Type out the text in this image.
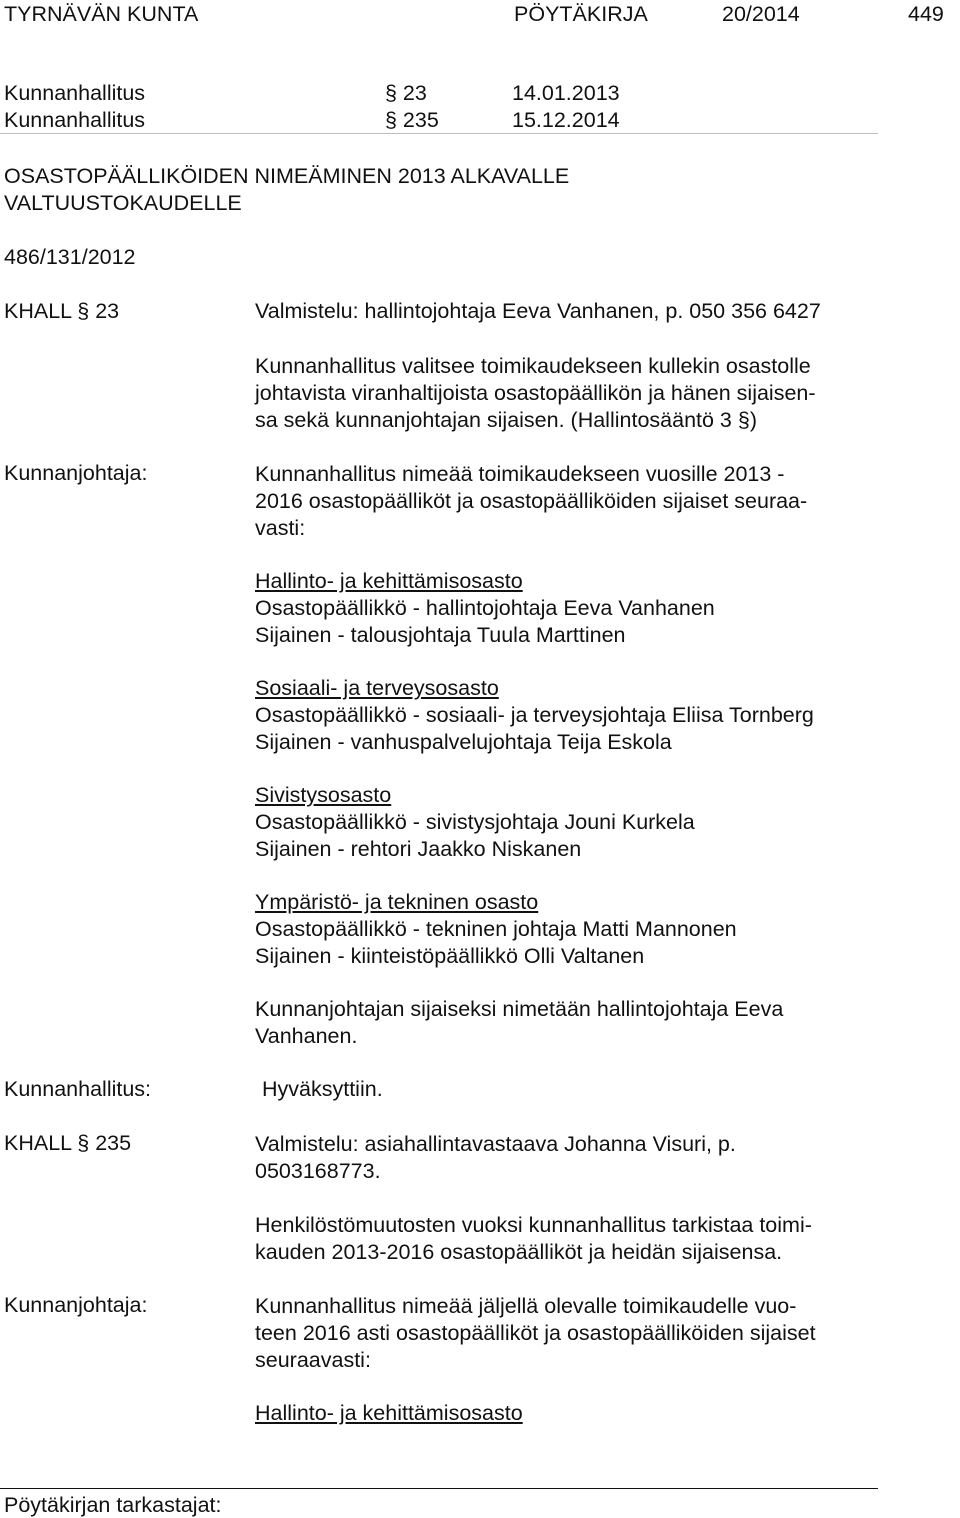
TYRNÄVÄN KUNTA	PÖYTÄKIRJA	20/2014	449
Kunnanhallitus	§ 23	14.01.2013
Kunnanhallitus	§ 235	15.12.2014
OSASTOPÄÄLLIKÖIDEN NIMEÄMINEN 2013 ALKAVALLE
VALTUUSTOKAUDELLE
486/131/2012
KHALL § 23	Valmistelu: hallintojohtaja Eeva Vanhanen, p. 050 356 6427
Kunnanhallitus valitsee toimikaudekseen kullekin osastolle
johtavista viranhaltijoista osastopäällikön ja hänen sijaisen-
sa sekä kunnanjohtajan sijaisen. (Hallintosääntö 3 §)
Kunnanjohtaja:	Kunnanhallitus nimeää toimikaudekseen vuosille 2013 -
2016 osastopäälliköt ja osastopäälliköiden sijaiset seuraa-
vasti:
Hallinto- ja kehittämisosasto
Osastopäällikkö - hallintojohtaja Eeva Vanhanen
Sijainen - talousjohtaja Tuula Marttinen
Sosiaali- ja terveysosasto
Osastopäällikkö - sosiaali- ja terveysjohtaja Eliisa Tornberg
Sijainen - vanhuspalvelujohtaja Teija Eskola
Sivistysosasto
Osastopäällikkö - sivistysjohtaja Jouni Kurkela
Sijainen - rehtori Jaakko Niskanen
Ympäristö- ja tekninen osasto
Osastopäällikkö - tekninen johtaja Matti Mannonen
Sijainen - kiinteistöpäällikkö Olli Valtanen
Kunnanjohtajan sijaiseksi nimetään hallintojohtaja Eeva
Vanhanen.
Kunnanhallitus:	Hyväksyttiin.
KHALL § 235	Valmistelu: asiahallintavastaava Johanna Visuri, p.
0503168773.
Henkilöstömuutosten vuoksi kunnanhallitus tarkistaa toimi-
kauden 2013-2016 osastopäälliköt ja heidän sijaisensa.
Kunnanjohtaja:	Kunnanhallitus nimeää jäljellä olevalle toimikaudelle vuo-
teen 2016 asti osastopäälliköt ja osastopäälliköiden sijaiset
seuraavasti:
Hallinto- ja kehittämisosasto
Pöytäkirjan tarkastajat:
